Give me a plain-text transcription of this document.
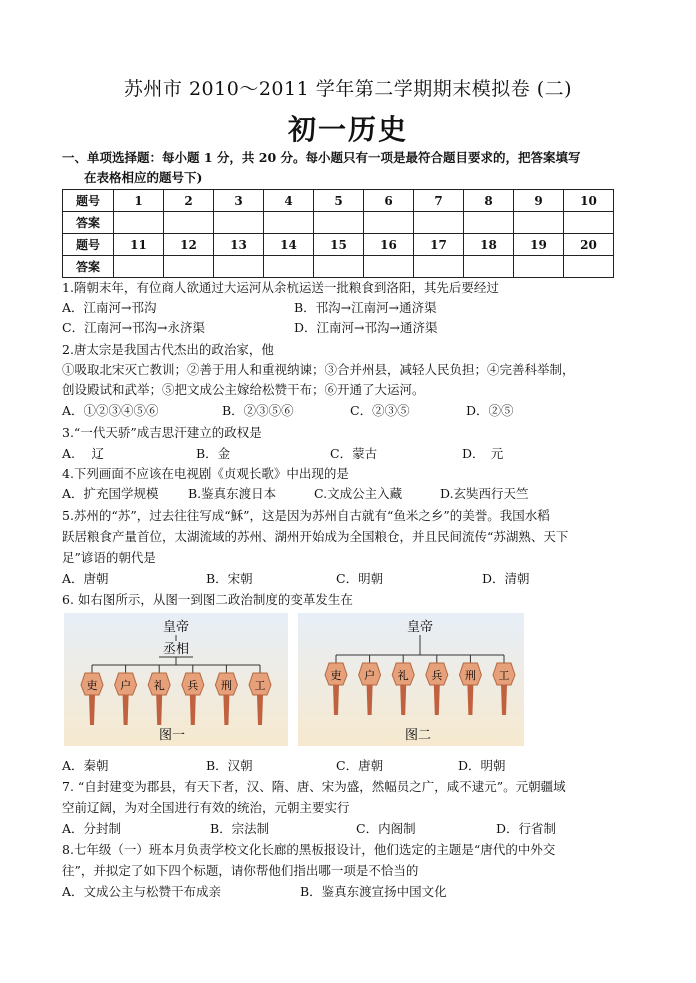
苏州市 2010～2011 学年第二学期期末模拟卷 (二)
初一历史
一、单项选择题：每小题 1 分，共 20 分。每小题只有一项是最符合题目要求的，把答案填写
在表格相应的题号下)
题号	1	2	3	4	5	6	7	8	9	10
答案										
题号	11	12	13	14	15	16	17	18	19	20
答案										
1.隋朝末年，有位商人欲通过大运河从余杭运送一批粮食到洛阳，其先后要经过
A．江南河→邗沟	B．邗沟→江南河→通济渠
C．江南河→邗沟→永济渠	D．江南河→邗沟→通济渠
2.唐太宗是我国古代杰出的政治家，他
①吸取北宋灭亡教训；②善于用人和重视纳谏；③合并州县，减轻人民负担；④完善科举制，
创设殿试和武举；⑤把文成公主嫁给松赞干布；⑥开通了大运河。
A．①②③④⑤⑥	B．②③⑤⑥	C．②③⑤	D．②⑤
3.“一代天骄”成吉思汗建立的政权是
A.　 辽	B．金	C．蒙古	D．　元
4.下列画面不应该在电视剧《贞观长歌》中出现的是
A．扩充国学规模 B.鉴真东渡日本	C.文成公主入藏	D.玄奘西行天竺
5.苏州的“苏”，过去往往写成“穌”，这是因为苏州自古就有“鱼米之乡”的美誉。我国水稻
跃居粮食产量首位，太湖流域的苏州、湖州开始成为全国粮仓，并且民间流传“苏湖熟、天下
足”谚语的朝代是
A．唐朝	B．宋朝	C．明朝	D．清朝
6. 如右图所示，从图一到图二政治制度的变革发生在
皇帝
丞相
吏 户 礼 兵 刑 工
图一
皇帝
吏 户 礼 兵 刑 工
图二
A．秦朝	B．汉朝	C．唐朝	D．明朝
7. “自封建变为郡县，有天下者，汉、隋、唐、宋为盛，然幅员之广，咸不逮元”。元朝疆域
空前辽阔，为对全国进行有效的统治，元朝主要实行
A．分封制	B．宗法制	C．内阁制	D．行省制
8.七年级（一）班本月负责学校文化长廊的黑板报设计，他们选定的主题是“唐代的中外交
往”，并拟定了如下四个标题，请你帮他们指出哪一项是不恰当的
A．文成公主与松赞干布成亲	B．鉴真东渡宣扬中国文化
